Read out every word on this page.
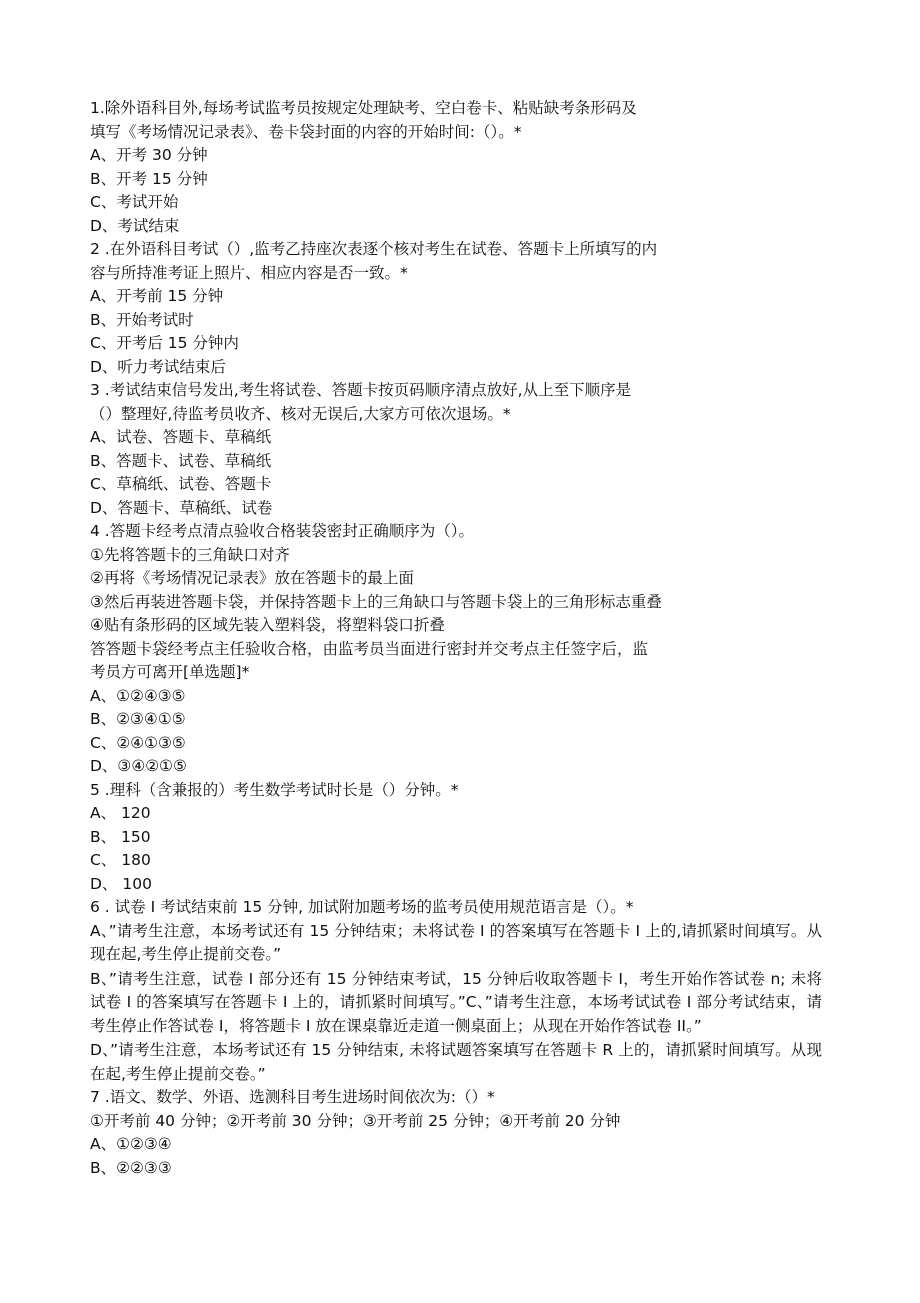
1.除外语科目外,每场考试监考员按规定处理缺考、空白卷卡、粘贴缺考条形码及
填写《考场情况记录表》、卷卡袋封面的内容的开始时间:（）。*
A、开考 30 分钟
B、开考 15 分钟
C、考试开始
D、考试结束
2 .在外语科目考试（）,监考乙持座次表逐个核对考生在试卷、答题卡上所填写的内
容与所持准考证上照片、相应内容是否一致。*
A、开考前 15 分钟
B、开始考试时
C、开考后 15 分钟内
D、听力考试结束后
3 .考试结束信号发出,考生将试卷、答题卡按页码顺序清点放好,从上至下顺序是
（）整理好,待监考员收齐、核对无误后,大家方可依次退场。*
A、试卷、答题卡、草稿纸
B、答题卡、试卷、草稿纸
C、草稿纸、试卷、答题卡
D、答题卡、草稿纸、试卷
4 .答题卡经考点清点验收合格装袋密封正确顺序为（）。
①先将答题卡的三角缺口对齐
②再将《考场情况记录表》放在答题卡的最上面
③然后再装进答题卡袋，并保持答题卡上的三角缺口与答题卡袋上的三角形标志重叠
④贴有条形码的区域先装入塑料袋，将塑料袋口折叠
答答题卡袋经考点主任验收合格，由监考员当面进行密封并交考点主任签字后，监
考员方可离开[单选题]*
A、①②④③⑤
B、②③④①⑤
C、②④①③⑤
D、③④②①⑤
5 .理科（含兼报的）考生数学考试时长是（）分钟。*
A、 120
B、 150
C、 180
D、 100
6 . 试卷 I 考试结束前 15 分钟, 加试附加题考场的监考员使用规范语言是（）。*
A、”请考生注意，本场考试还有 15 分钟结束；未将试卷 I 的答案填写在答题卡 I 上的,请抓紧时间填写。从现在起,考生停止提前交卷。”
B、”请考生注意，试卷 I 部分还有 15 分钟结束考试，15 分钟后收取答题卡 I，考生开始作答试卷 n; 未将试卷 I 的答案填写在答题卡 I 上的，请抓紧时间填写。”C、”请考生注意，本场考试试卷 I 部分考试结束，请考生停止作答试卷 I，将答题卡 I 放在课桌靠近走道一侧桌面上；从现在开始作答试卷 II。”
D、”请考生注意，本场考试还有 15 分钟结束, 未将试题答案填写在答题卡 R 上的，请抓紧时间填写。从现在起,考生停止提前交卷。”
7 .语文、数学、外语、选测科目考生进场时间依次为:（）*
①开考前 40 分钟；②开考前 30 分钟；③开考前 25 分钟；④开考前 20 分钟
A、①②③④
B、②②③③
